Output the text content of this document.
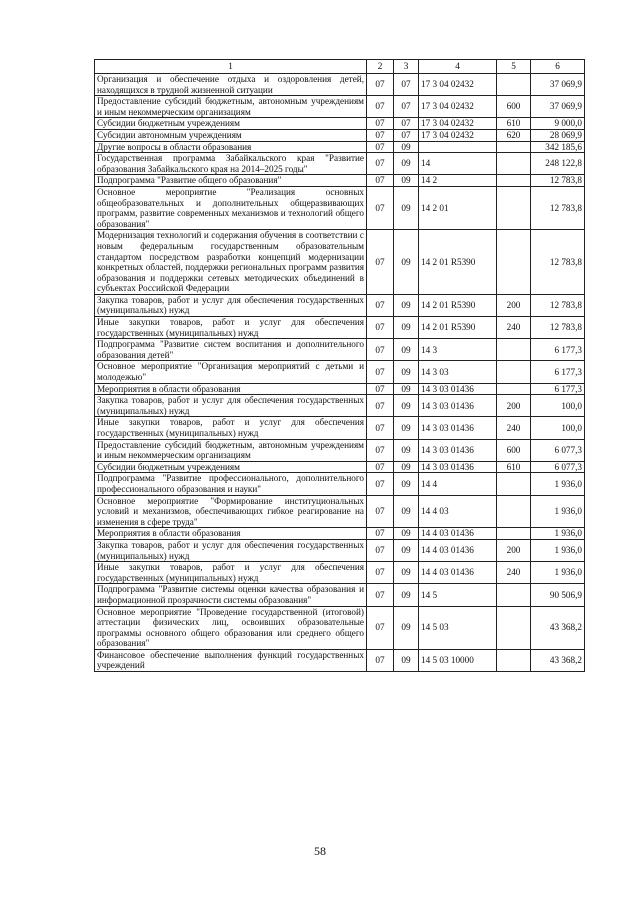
1	2	3	4	5	6
Организация и обеспечение отдыха и оздоровления детей, находящихся в трудной жизненной ситуации	07	07	17 3 04 02432		37 069,9
Предоставление субсидий бюджетным, автономным учреждениям и иным некоммерческим организациям	07	07	17 3 04 02432	600	37 069,9
Субсидии бюджетным учреждениям	07	07	17 3 04 02432	610	9 000,0
Субсидии автономным учреждениям	07	07	17 3 04 02432	620	28 069,9
Другие вопросы в области образования	07	09			342 185,6
Государственная программа Забайкальского края "Развитие образования Забайкальского края на 2014–2025 годы"	07	09	14		248 122,8
Подпрограмма "Развитие общего образования"	07	09	14 2		12 783,8
Основное мероприятие "Реализация основных общеобразовательных и дополнительных общеразвивающих программ, развитие современных механизмов и технологий общего образования"	07	09	14 2 01		12 783,8
Модернизация технологий и содержания обучения в соответствии с новым федеральным государственным образовательным стандартом посредством разработки концепций модернизации конкретных областей, поддержки региональных программ развития образования и поддержки сетевых методических объединений в субъектах Российской Федерации	07	09	14 2 01 R5390		12 783,8
Закупка товаров, работ и услуг для обеспечения государственных (муниципальных) нужд	07	09	14 2 01 R5390	200	12 783,8
Иные закупки товаров, работ и услуг для обеспечения государственных (муниципальных) нужд	07	09	14 2 01 R5390	240	12 783,8
Подпрограмма "Развитие систем воспитания и дополнительного образования детей"	07	09	14 3		6 177,3
Основное мероприятие "Организация мероприятий с детьми и молодежью"	07	09	14 3 03		6 177,3
Мероприятия в области образования	07	09	14 3 03 01436		6 177,3
Закупка товаров, работ и услуг для обеспечения государственных (муниципальных) нужд	07	09	14 3 03 01436	200	100,0
Иные закупки товаров, работ и услуг для обеспечения государственных (муниципальных) нужд	07	09	14 3 03 01436	240	100,0
Предоставление субсидий бюджетным, автономным учреждениям и иным некоммерческим организациям	07	09	14 3 03 01436	600	6 077,3
Субсидии бюджетным учреждениям	07	09	14 3 03 01436	610	6 077,3
Подпрограмма "Развитие профессионального, дополнительного профессионального образования и науки"	07	09	14 4		1 936,0
Основное мероприятие "Формирование институциональных условий и механизмов, обеспечивающих гибкое реагирование на изменения в сфере труда"	07	09	14 4 03		1 936,0
Мероприятия в области образования	07	09	14 4 03 01436		1 936,0
Закупка товаров, работ и услуг для обеспечения государственных (муниципальных) нужд	07	09	14 4 03 01436	200	1 936,0
Иные закупки товаров, работ и услуг для обеспечения государственных (муниципальных) нужд	07	09	14 4 03 01436	240	1 936,0
Подпрограмма "Развитие системы оценки качества образования и информационной прозрачности системы образования"	07	09	14 5		90 506,9
Основное мероприятие "Проведение государственной (итоговой) аттестации физических лиц, освоивших образовательные программы основного общего образования или среднего общего образования"	07	09	14 5 03		43 368,2
Финансовое обеспечение выполнения функций государственных учреждений	07	09	14 5 03 10000		43 368,2
58
